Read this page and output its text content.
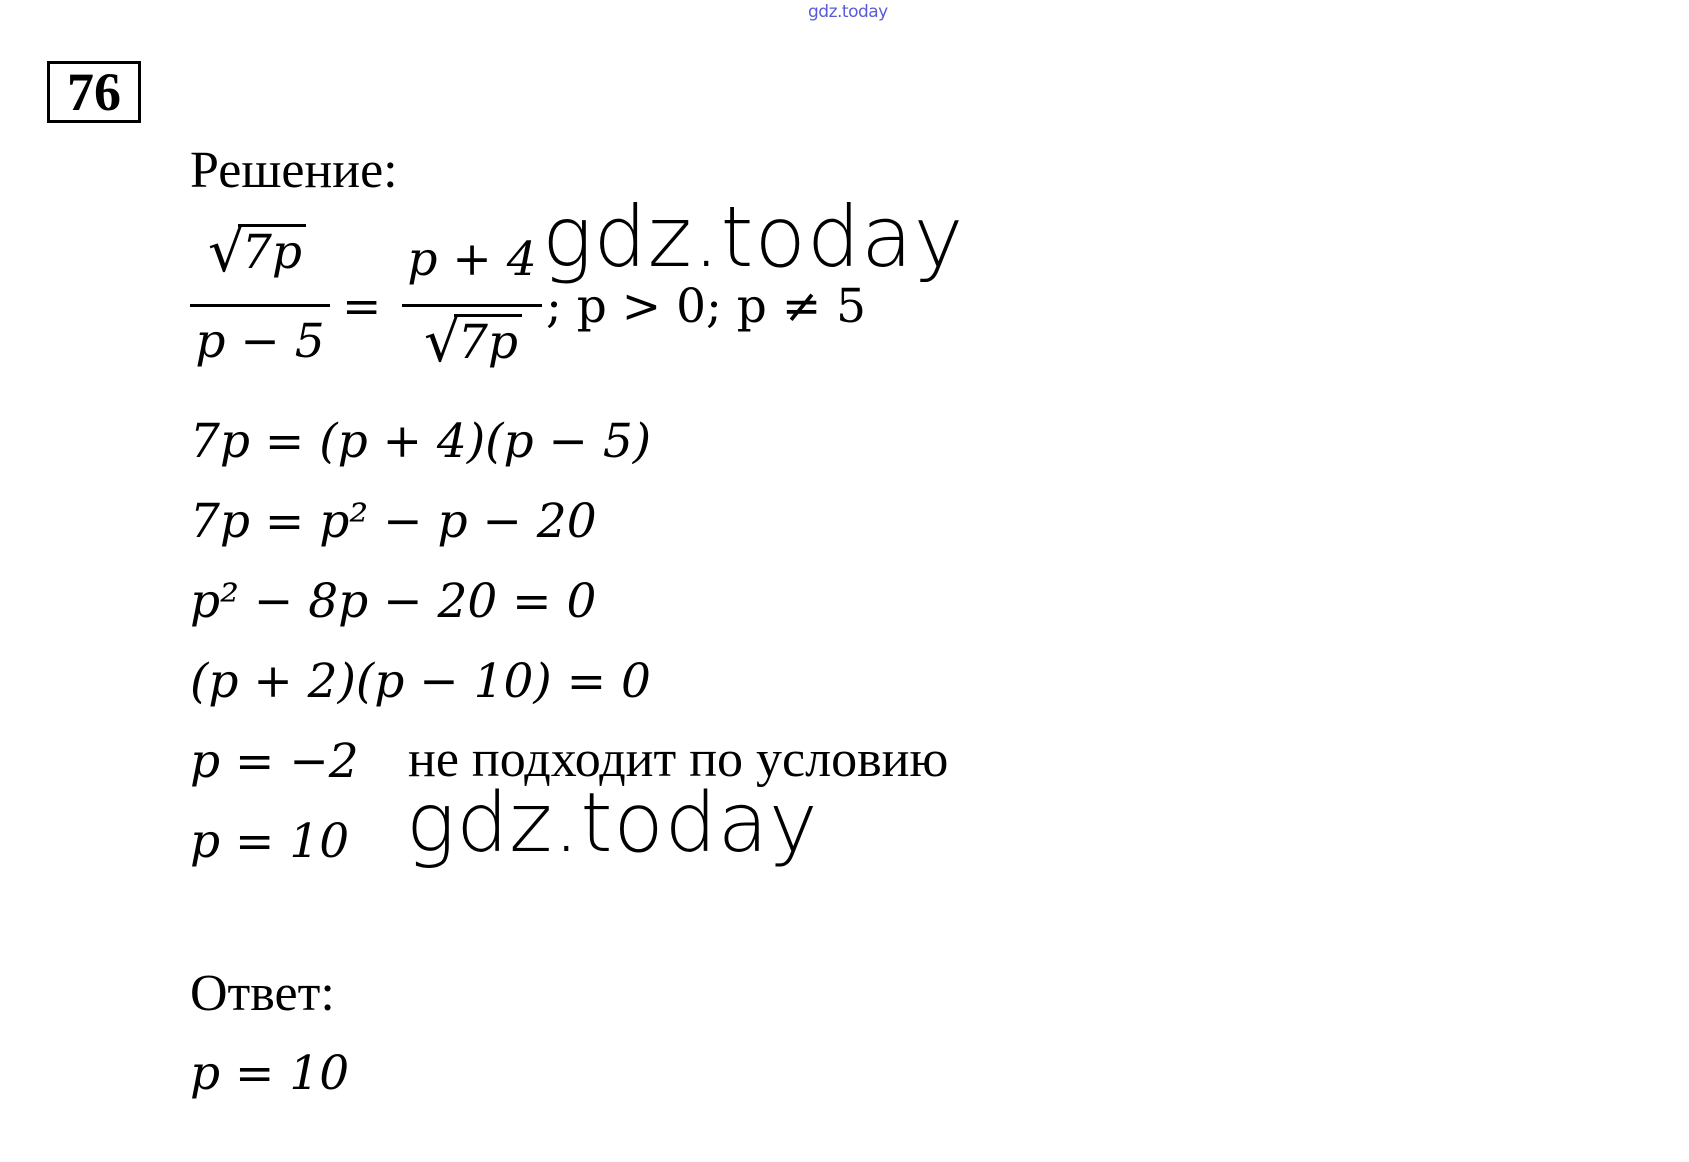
gdz.today
76
Решение:
√
7p
p − 5
=
p + 4
√
7p
; p > 0; p ≠ 5
gdz.today
7p = (p + 4)(p − 5)
7p = p² − p − 20
p² − 8p − 20 = 0
(p + 2)(p − 10) = 0
p = −2 не подходит по условию
p = 10 gdz.today
Ответ:
p = 10
